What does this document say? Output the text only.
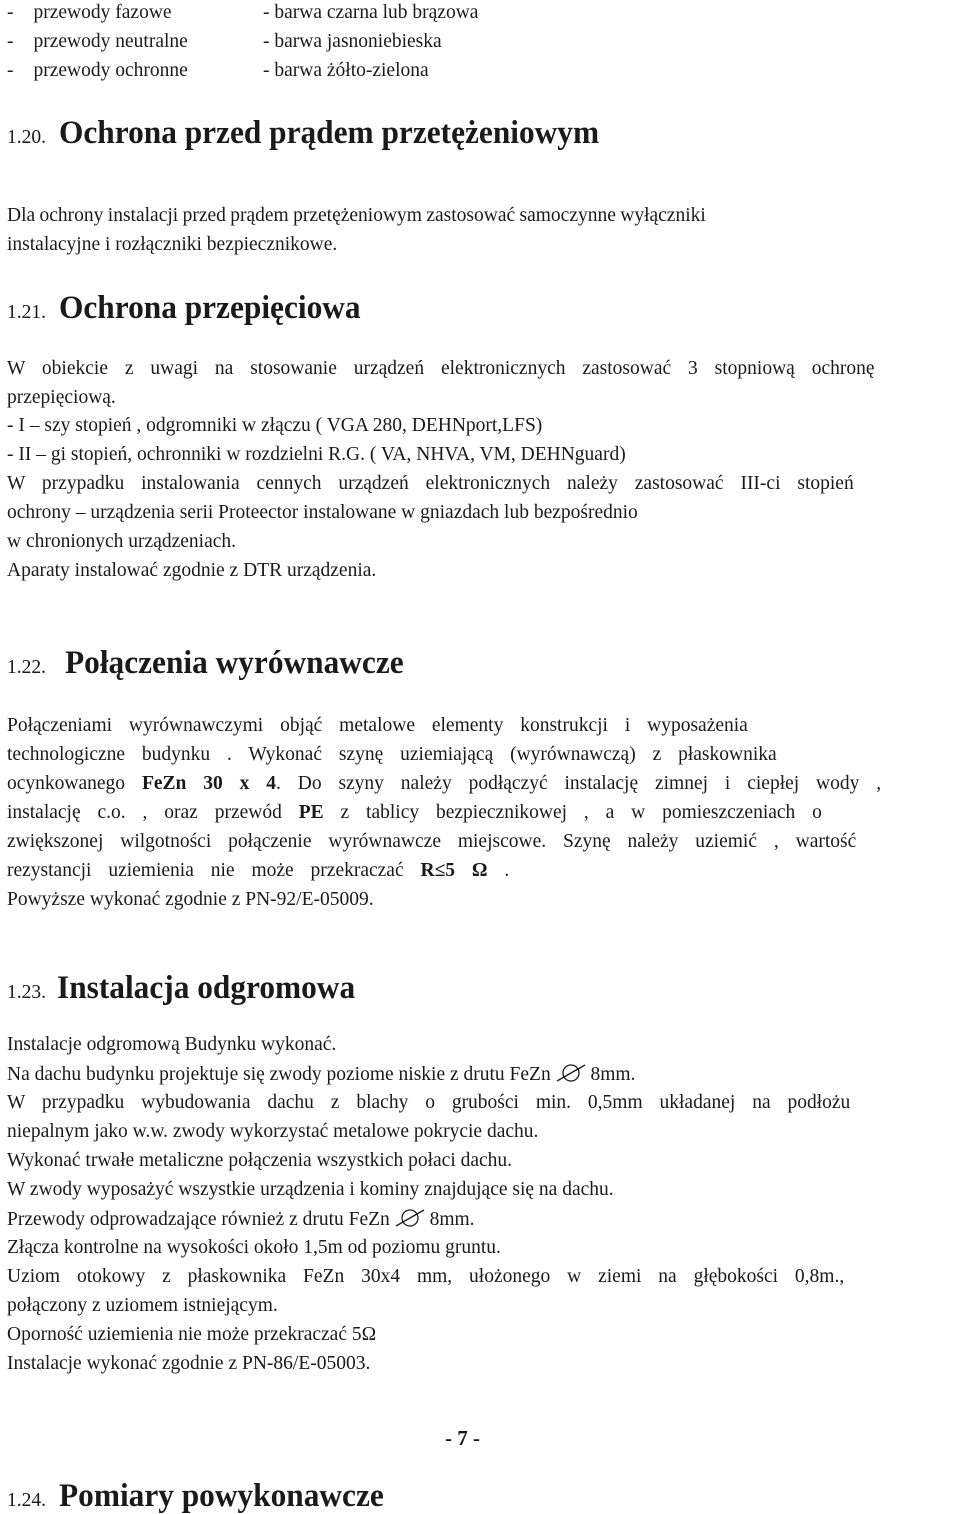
- przewody fazowe	- barwa czarna lub brązowa
- przewody neutralne	- barwa jasnoniebieska
- przewody ochronne	- barwa żółto-zielona
1.20. Ochrona przed prądem przetężeniowym
Dla ochrony instalacji przed prądem przetężeniowym zastosować samoczynne wyłączniki
instalacyjne i rozłączniki bezpiecznikowe.
1.21. Ochrona przepięciowa
W obiekcie z uwagi na stosowanie urządzeń elektronicznych zastosować 3 stopniową ochronę
przepięciową.
- I – szy stopień , odgromniki w złączu ( VGA 280, DEHNport,LFS)
- II – gi stopień, ochronniki w rozdzielni R.G. ( VA, NHVA, VM, DEHNguard)
W przypadku instalowania cennych urządzeń elektronicznych należy zastosować III-ci stopień
ochrony – urządzenia serii Proteector instalowane w gniazdach lub bezpośrednio
w chronionych urządzeniach.
Aparaty instalować zgodnie z DTR urządzenia.
1.22. Połączenia wyrównawcze
Połączeniami wyrównawczymi objąć metalowe elementy konstrukcji i wyposażenia
technologiczne budynku . Wykonać szynę uziemiającą (wyrównawczą) z płaskownika
ocynkowanego FeZn 30 x 4. Do szyny należy podłączyć instalację zimnej i ciepłej wody ,
instalację c.o. , oraz przewód PE z tablicy bezpiecznikowej , a w pomieszczeniach o
zwiększonej wilgotności połączenie wyrównawcze miejscowe. Szynę należy uziemić , wartość
rezystancji uziemienia nie może przekraczać R≤5 Ω .
Powyższe wykonać zgodnie z PN-92/E-05009.
1.23. Instalacja odgromowa
Instalacje odgromową Budynku wykonać.
Na dachu budynku projektuje się zwody poziome niskie z drutu FeZn 8mm.
W przypadku wybudowania dachu z blachy o grubości min. 0,5mm układanej na podłożu
niepalnym jako w.w. zwody wykorzystać metalowe pokrycie dachu.
Wykonać trwałe metaliczne połączenia wszystkich połaci dachu.
W zwody wyposażyć wszystkie urządzenia i kominy znajdujące się na dachu.
Przewody odprowadzające również z drutu FeZn 8mm.
Złącza kontrolne na wysokości około 1,5m od poziomu gruntu.
Uziom otokowy z płaskownika FeZn 30x4 mm, ułożonego w ziemi na głębokości 0,8m.,
połączony z uziomem istniejącym.
Oporność uziemienia nie może przekraczać 5Ω
Instalacje wykonać zgodnie z PN-86/E-05003.
- 7 -
1.24. Pomiary powykonawcze
